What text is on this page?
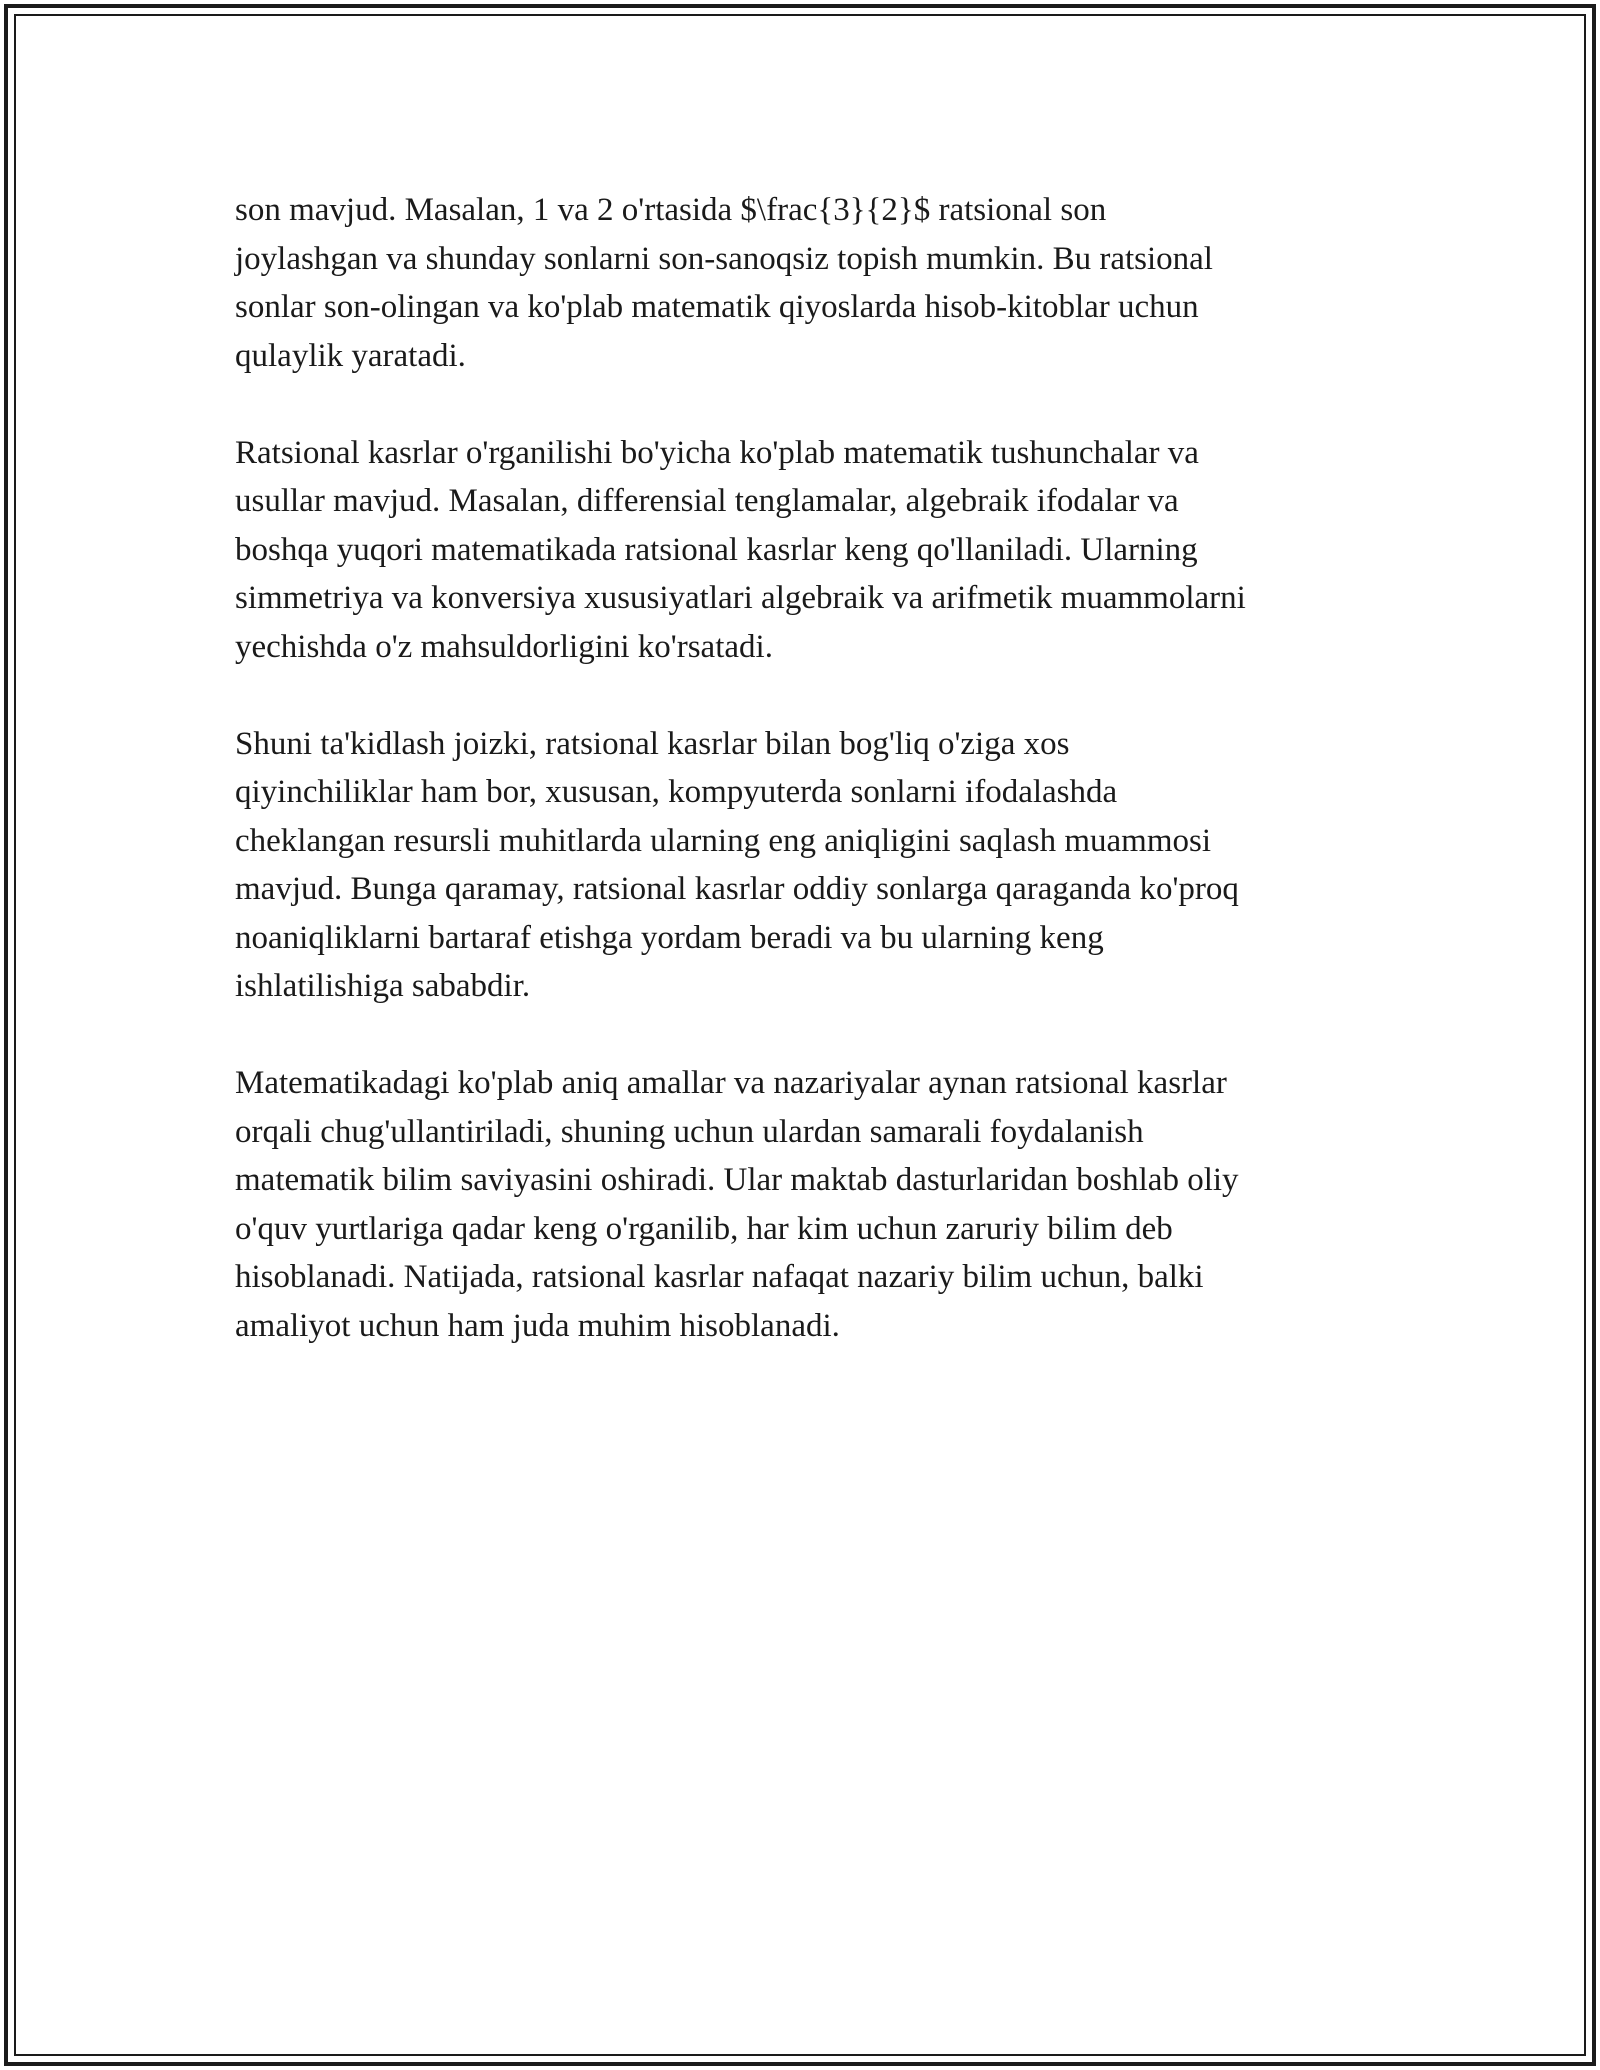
son mavjud. Masalan, 1 va 2 o'rtasida $\frac{3}{2}$ ratsional son
joylashgan va shunday sonlarni son-sanoqsiz topish mumkin. Bu ratsional
sonlar son-olingan va ko'plab matematik qiyoslarda hisob-kitoblar uchun
qulaylik yaratadi.

Ratsional kasrlar o'rganilishi bo'yicha ko'plab matematik tushunchalar va
usullar mavjud. Masalan, differensial tenglamalar, algebraik ifodalar va
boshqa yuqori matematikada ratsional kasrlar keng qo'llaniladi. Ularning
simmetriya va konversiya xususiyatlari algebraik va arifmetik muammolarni
yechishda o'z mahsuldorligini ko'rsatadi.

Shuni ta'kidlash joizki, ratsional kasrlar bilan bog'liq o'ziga xos
qiyinchiliklar ham bor, xususan, kompyuterda sonlarni ifodalashda
cheklangan resursli muhitlarda ularning eng aniqligini saqlash muammosi
mavjud. Bunga qaramay, ratsional kasrlar oddiy sonlarga qaraganda ko'proq
noaniqliklarni bartaraf etishga yordam beradi va bu ularning keng
ishlatilishiga sababdir.

Matematikadagi ko'plab aniq amallar va nazariyalar aynan ratsional kasrlar
orqali chug'ullantiriladi, shuning uchun ulardan samarali foydalanish
matematik bilim saviyasini oshiradi. Ular maktab dasturlaridan boshlab oliy
o'quv yurtlariga qadar keng o'rganilib, har kim uchun zaruriy bilim deb
hisoblanadi. Natijada, ratsional kasrlar nafaqat nazariy bilim uchun, balki
amaliyot uchun ham juda muhim hisoblanadi.
